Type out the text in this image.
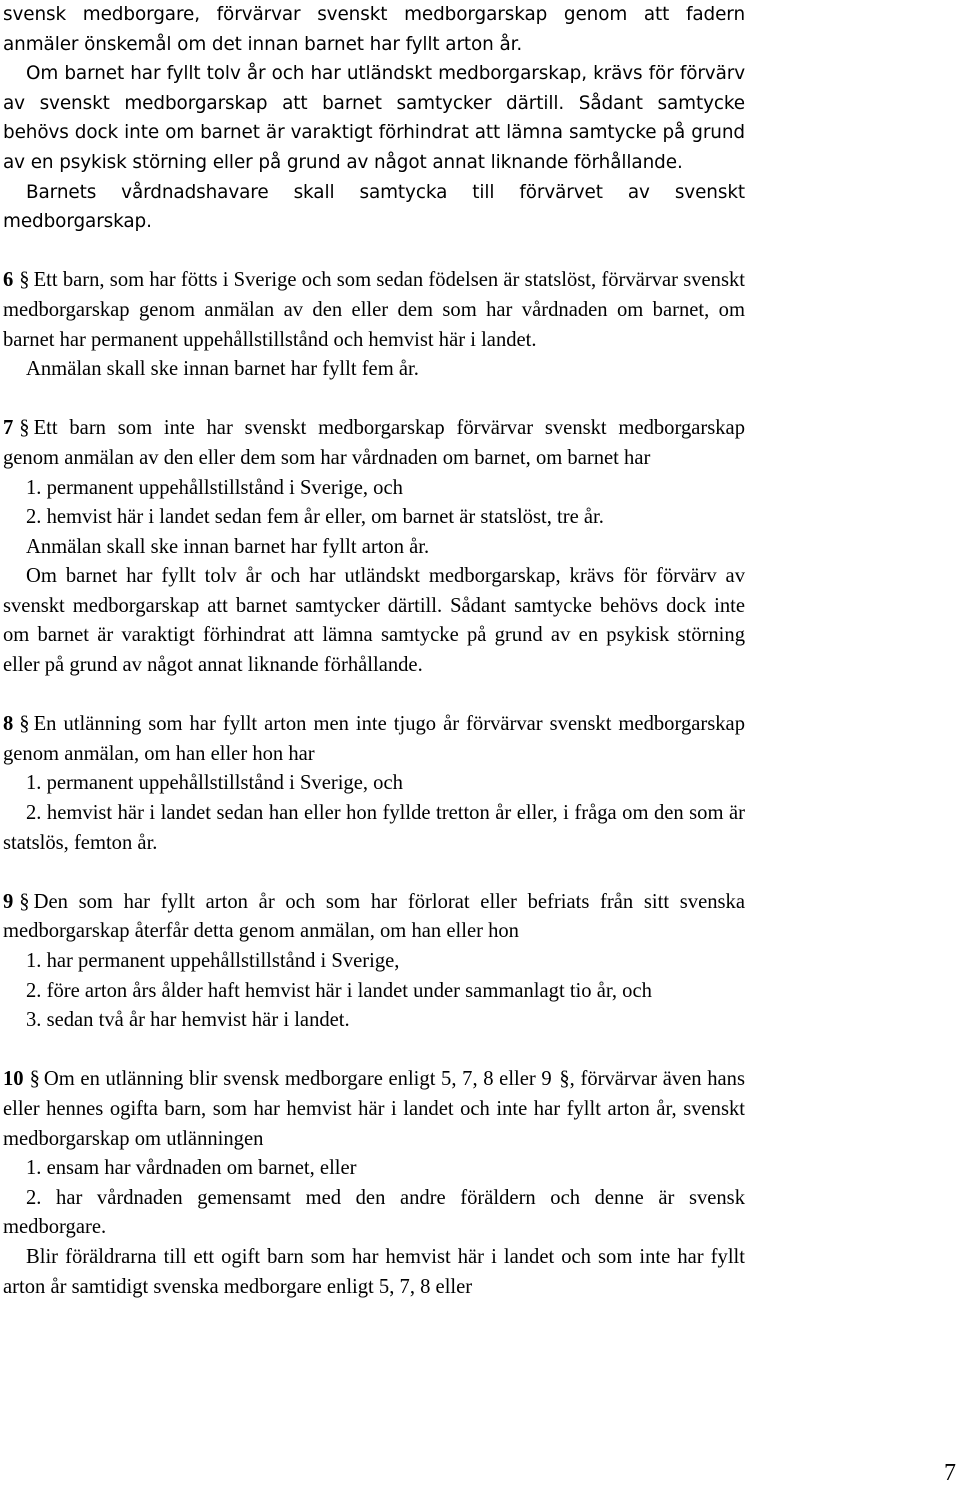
svensk medborgare, förvärvar svenskt medborgarskap genom att fadern anmäler önskemål om det innan barnet har fyllt arton år.

Om barnet har fyllt tolv år och har utländskt medborgarskap, krävs för förvärv av svenskt medborgarskap att barnet samtycker därtill. Sådant samtycke behövs dock inte om barnet är varaktigt förhindrat att lämna samtycke på grund av en psykisk störning eller på grund av något annat liknande förhållande.

Barnets vårdnadshavare skall samtycka till förvärvet av svenskt medborgarskap.

6 § Ett barn, som har fötts i Sverige och som sedan födelsen är statslöst, förvärvar svenskt medborgarskap genom anmälan av den eller dem som har vårdnaden om barnet, om barnet har permanent uppehållstillstånd och hemvist här i landet.

Anmälan skall ske innan barnet har fyllt fem år.

7 § Ett barn som inte har svenskt medborgarskap förvärvar svenskt medborgarskap genom anmälan av den eller dem som har vårdnaden om barnet, om barnet har

1. permanent uppehållstillstånd i Sverige, och

2. hemvist här i landet sedan fem år eller, om barnet är statslöst, tre år.

Anmälan skall ske innan barnet har fyllt arton år.

Om barnet har fyllt tolv år och har utländskt medborgarskap, krävs för förvärv av svenskt medborgarskap att barnet samtycker därtill. Sådant samtycke behövs dock inte om barnet är varaktigt förhindrat att lämna samtycke på grund av en psykisk störning eller på grund av något annat liknande förhållande.

8 § En utlänning som har fyllt arton men inte tjugo år förvärvar svenskt medborgarskap genom anmälan, om han eller hon har

1. permanent uppehållstillstånd i Sverige, och

2. hemvist här i landet sedan han eller hon fyllde tretton år eller, i fråga om den som är statslös, femton år.

9 § Den som har fyllt arton år och som har förlorat eller befriats från sitt svenska medborgarskap återfår detta genom anmälan, om han eller hon

1. har permanent uppehållstillstånd i Sverige,

2. före arton års ålder haft hemvist här i landet under sammanlagt tio år, och

3. sedan två år har hemvist här i landet.

10 § Om en utlänning blir svensk medborgare enligt 5, 7, 8 eller 9 §, förvärvar även hans eller hennes ogifta barn, som har hemvist här i landet och inte har fyllt arton år, svenskt medborgarskap om utlänningen

1. ensam har vårdnaden om barnet, eller

2. har vårdnaden gemensamt med den andre föräldern och denne är svensk medborgare.

Blir föräldrarna till ett ogift barn som har hemvist här i landet och som inte har fyllt arton år samtidigt svenska medborgare enligt 5, 7, 8 eller

7
